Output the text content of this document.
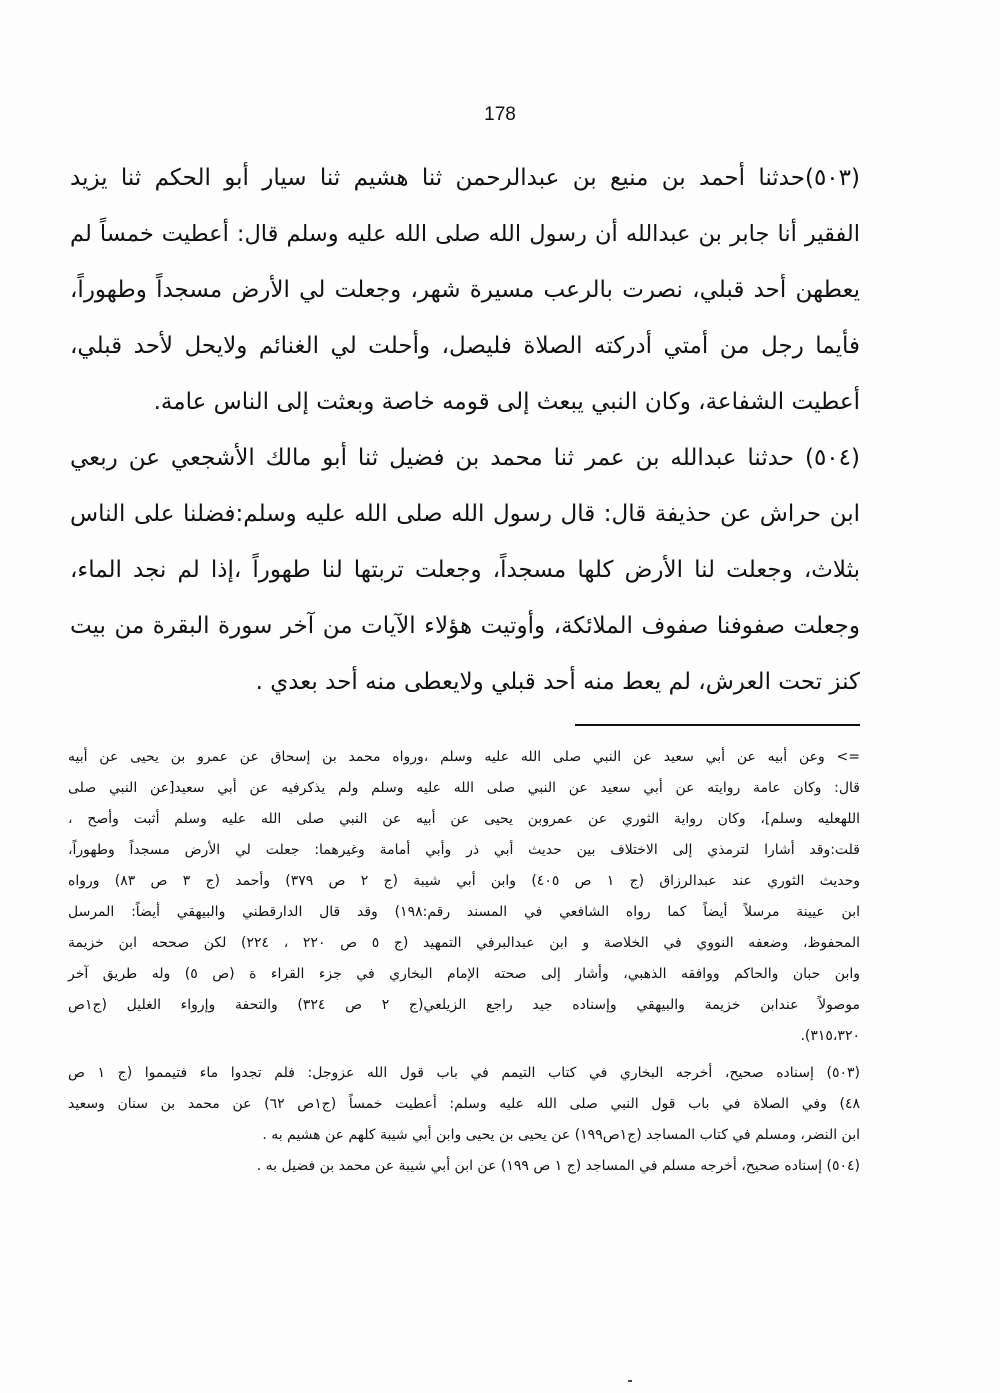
178
(٥٠٣)حدثنا أحمد بن منيع بن عبدالرحمن ثنا هشيم ثنا سيار أبو الحكم ثنا يزيد
الفقير أنا جابر بن عبدالله أن رسول الله صلى الله عليه وسلم قال: أعطيت خمساً لم
يعطهن أحد قبلي، نصرت بالرعب مسيرة شهر، وجعلت لي الأرض مسجداً وطهوراً،
فأيما رجل من أمتي أدركته الصلاة فليصل، وأحلت لي الغنائم ولايحل لأحد قبلي،
أعطيت الشفاعة، وكان النبي يبعث إلى قومه خاصة وبعثت إلى الناس عامة.
(٥٠٤) حدثنا عبدالله بن عمر ثنا محمد بن فضيل ثنا أبو مالك الأشجعي عن ربعي
ابن حراش عن حذيفة قال: قال رسول الله صلى الله عليه وسلم:فضلنا على الناس
بثلاث، وجعلت لنا الأرض كلها مسجداً، وجعلت تربتها لنا طهوراً ،إذا لم نجد الماء،
وجعلت صفوفنا صفوف الملائكة، وأوتيت هؤلاء الآيات من آخر سورة البقرة من بيت
كنز تحت العرش، لم يعط منه أحد قبلي ولايعطى منه أحد بعدي .
=> وعن أبيه عن أبي سعيد عن النبي صلى الله عليه وسلم ،ورواه محمد بن إسحاق عن عمرو بن يحيى عن أبيه
قال: وكان عامة روايته عن أبي سعيد عن النبي صلى الله عليه وسلم ولم يذكرفيه عن أبي سعيد[عن النبي صلى
اللهعليه وسلم]، وكان رواية الثوري عن عمروبن يحيى عن أبيه عن النبي صلى الله عليه وسلم أثبت وأصح ،
قلت:وقد أشارا لترمذي إلى الاختلاف بين حديث أبي ذر وأبي أمامة وغيرهما: جعلت لي الأرض مسجداً وطهوراً،
وحديث الثوري عند عبدالرزاق (ج ١ ص ٤٠٥) وابن أبي شيبة (ج ٢ ص ٣٧٩) وأحمد (ج ٣ ص ٨٣) ورواه
ابن عيينة مرسلاً أيضاً كما رواه الشافعي في المسند رقم:١٩٨) وقد قال الدارقطني والبيهقي أيضاً: المرسل
المحفوظ، وضعفه النووي في الخلاصة و ابن عبدالبرفي التمهيد (ج ٥ ص ٢٢٠ ، ٢٢٤) لكن صححه ابن خزيمة
وابن حبان والحاكم ووافقه الذهبي، وأشار إلى صحته الإمام البخاري في جزء القراء ة (ص ٥) وله طريق آخر
موصولاً عندابن خزيمة والبيهقي وإسناده جيد راجع الزيلعي(ج ٢ ص ٣٢٤) والتحفة وإرواء الغليل (ج١ص
٣١٥،٣٢٠).
(٥٠٣) إسناده صحيح، أخرجه البخاري في كتاب التيمم في باب قول الله عزوجل: فلم تجدوا ماء فتيمموا (ج ١ ص
٤٨) وفي الصلاة في باب قول النبي صلى الله عليه وسلم: أعطيت خمساً (ج١ص ٦٢) عن محمد بن سنان وسعيد
ابن النضر، ومسلم في كتاب المساجد (ج١ص١٩٩) عن يحيى بن يحيى وابن أبي شيبة كلهم عن هشيم به .
(٥٠٤) إسناده صحيح، أخرجه مسلم في المساجد (ج ١ ص ١٩٩) عن ابن أبي شيبة عن محمد بن فضيل به .
